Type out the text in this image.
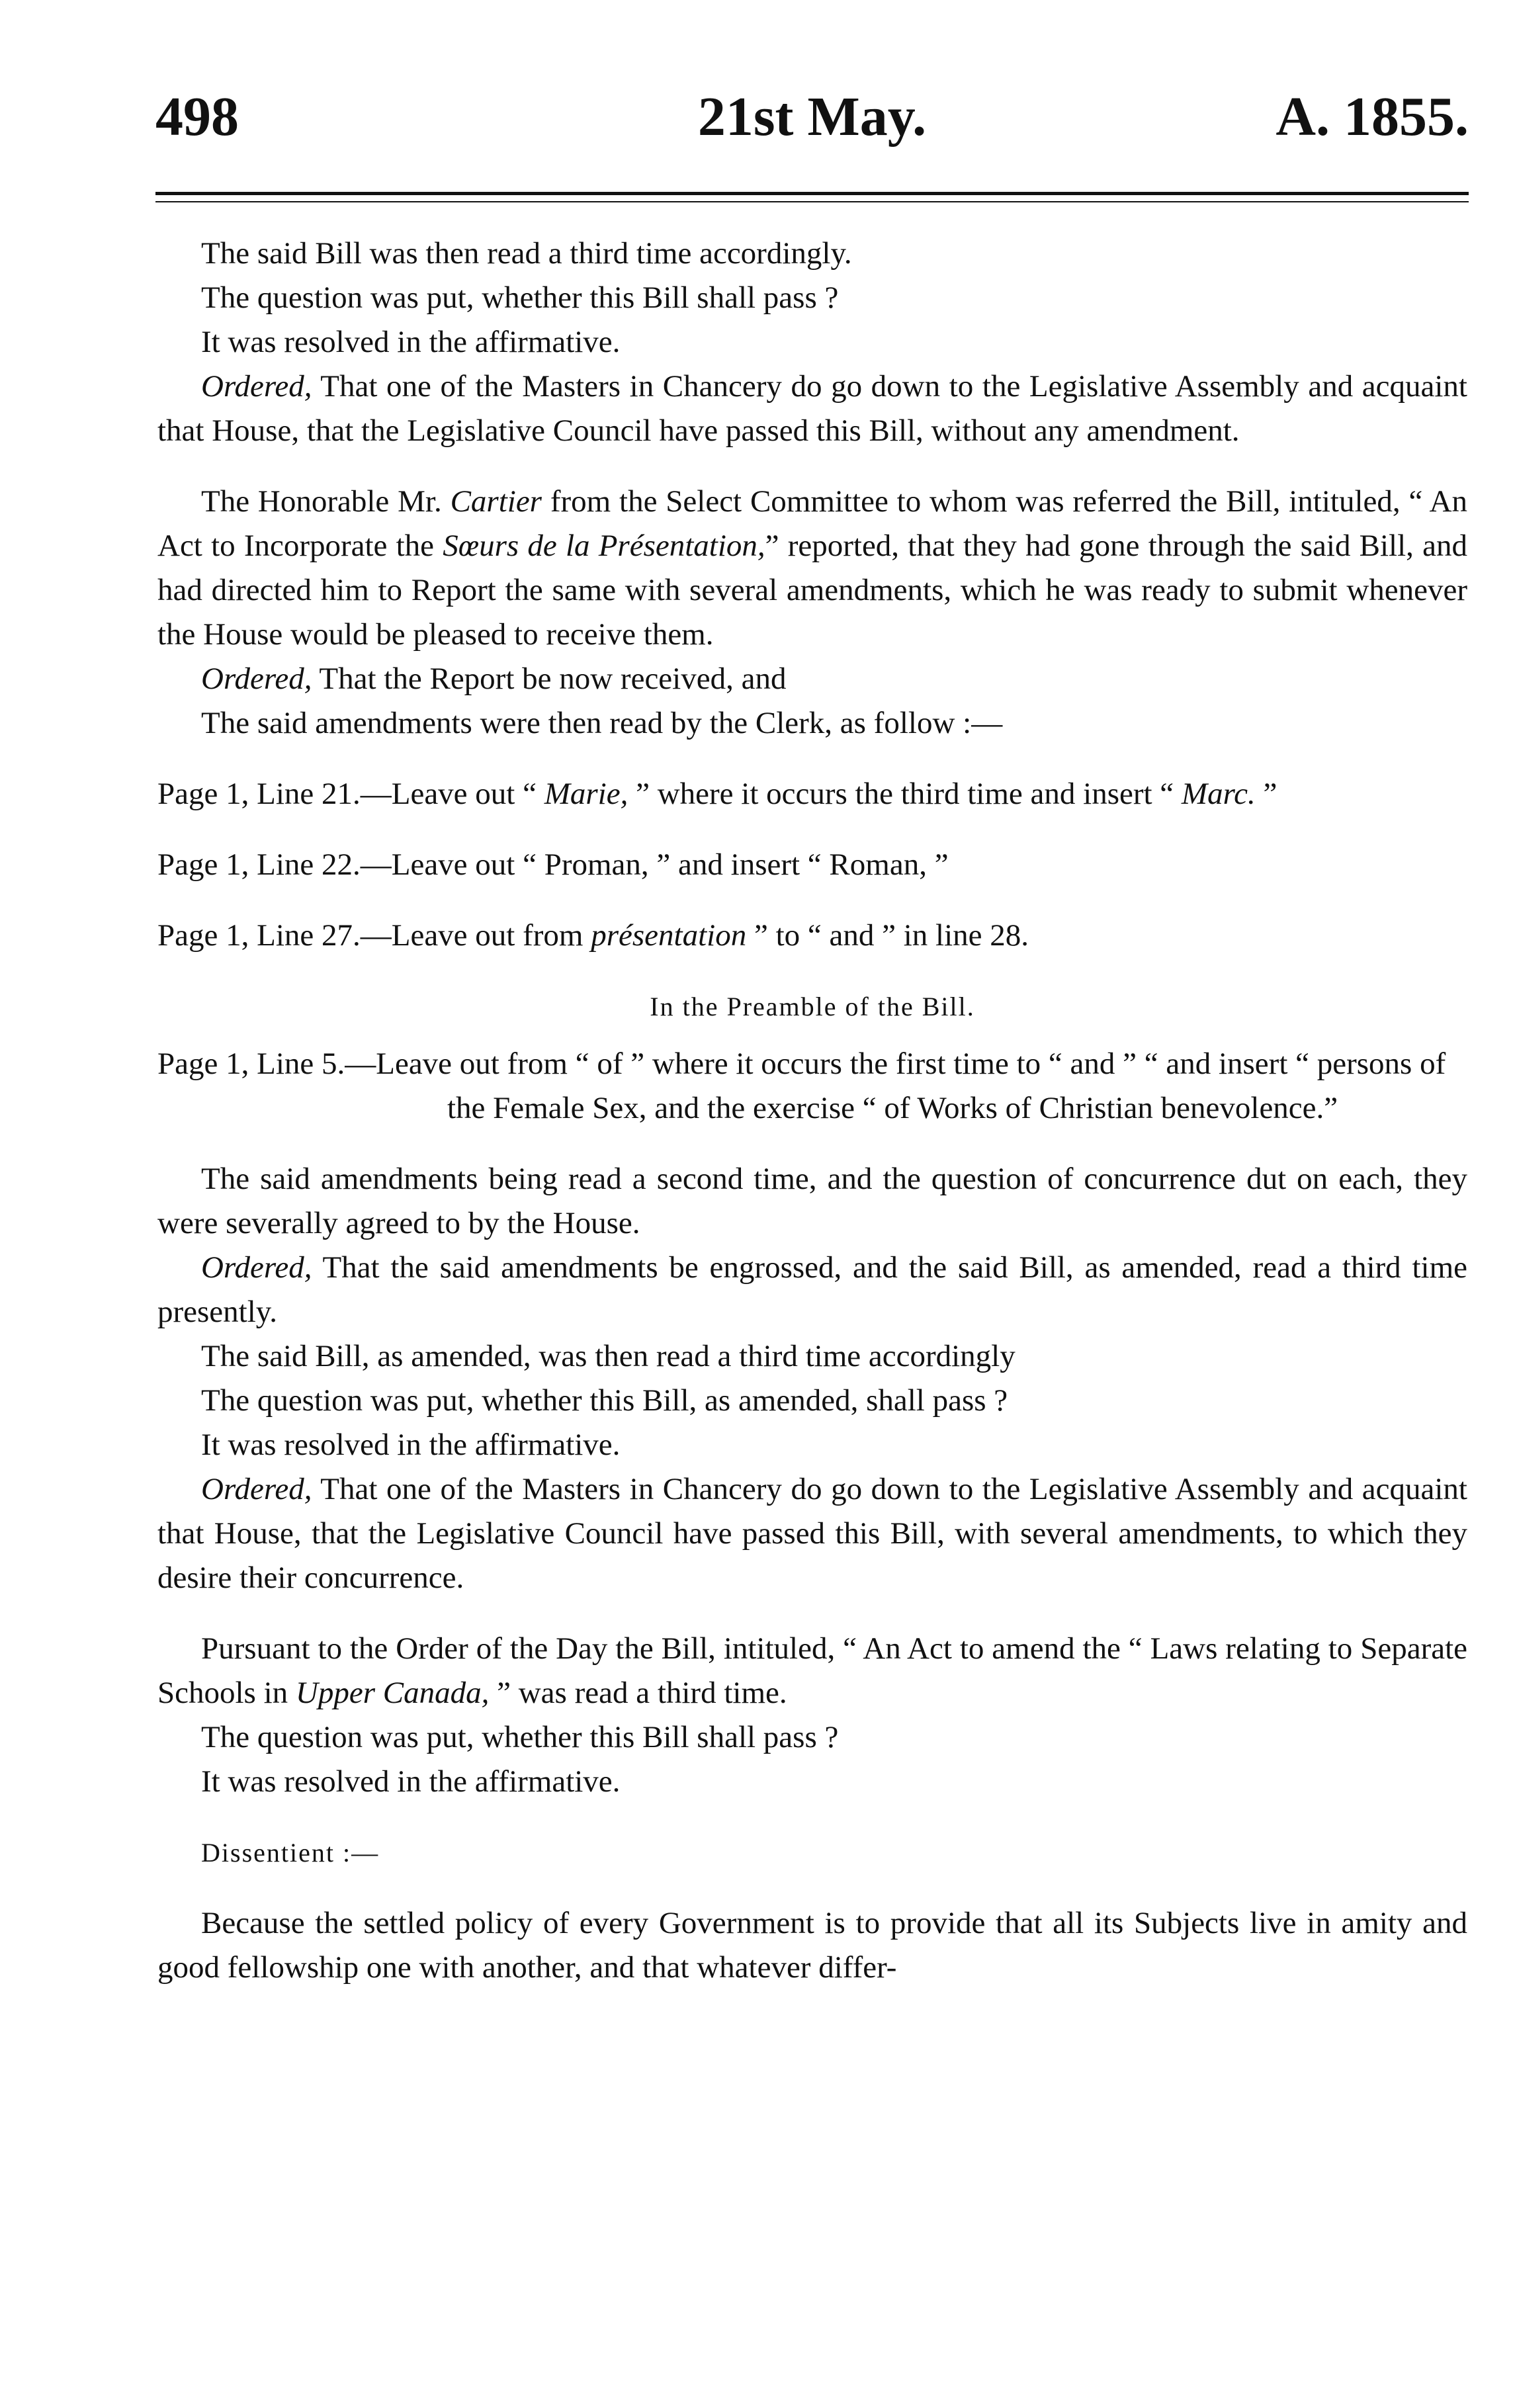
498	21st May.	A. 1855.

The said Bill was then read a third time accordingly.

The question was put, whether this Bill shall pass ?

It was resolved in the affirmative.

Ordered, That one of the Masters in Chancery do go down to the Legislative Assembly and acquaint that House, that the Legislative Council have passed this Bill, without any amendment.

The Honorable Mr. Cartier from the Select Committee to whom was referred the Bill, intituled, “ An Act to Incorporate the Sœurs de la Présentation,” reported, that they had gone through the said Bill, and had directed him to Report the same with several amendments, which he was ready to submit whenever the House would be pleased to receive them.

Ordered, That the Report be now received, and

The said amendments were then read by the Clerk, as follow :—

Page 1, Line 21.—Leave out “ Marie, ” where it occurs the third time and insert “ Marc. ”

Page 1, Line 22.—Leave out “ Proman, ” and insert “ Roman, ”

Page 1, Line 27.—Leave out from présentation ” to “ and ” in line 28.

In the Preamble of the Bill.

Page 1, Line 5.—Leave out from “ of ” where it occurs the first time to “ and ” “ and insert “ persons of the Female Sex, and the exercise “ of Works of Christian benevolence.”

The said amendments being read a second time, and the question of concurrence dut on each, they were severally agreed to by the House.

Ordered, That the said amendments be engrossed, and the said Bill, as amended, read a third time presently.

The said Bill, as amended, was then read a third time accordingly

The question was put, whether this Bill, as amended, shall pass ?

It was resolved in the affirmative.

Ordered, That one of the Masters in Chancery do go down to the Legislative Assembly and acquaint that House, that the Legislative Council have passed this Bill, with several amendments, to which they desire their concurrence.

Pursuant to the Order of the Day the Bill, intituled, “ An Act to amend the “ Laws relating to Separate Schools in Upper Canada, ” was read a third time.

The question was put, whether this Bill shall pass ?

It was resolved in the affirmative.

Dissentient :—

Because the settled policy of every Government is to provide that all its Subjects live in amity and good fellowship one with another, and that whatever differ-
